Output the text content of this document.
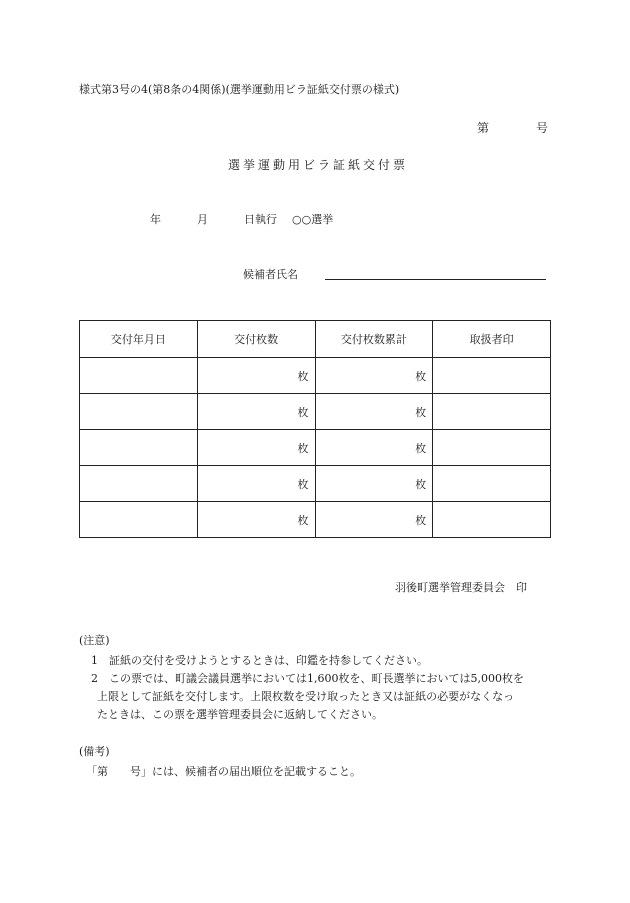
様式第3号の4(第8条の4関係)(選挙運動用ビラ証紙交付票の様式)
第	号
選挙運動用ビラ証紙交付票
年	月	日執行 ○○選挙
候補者氏名
交付年月日	交付枚数	交付枚数累計	取扱者印
	枚	枚	
	枚	枚	
	枚	枚	
	枚	枚	
	枚	枚	
羽後町選挙管理委員会　印
(注意)
1　証紙の交付を受けようとするときは、印鑑を持参してください。
2　この票では、町議会議員選挙においては1,600枚を、町長選挙においては5,000枚を
上限として証紙を交付します。上限枚数を受け取ったとき又は証紙の必要がなくなっ
たときは、この票を選挙管理委員会に返納してください。
(備考)
「第　　号」には、候補者の届出順位を記載すること。
